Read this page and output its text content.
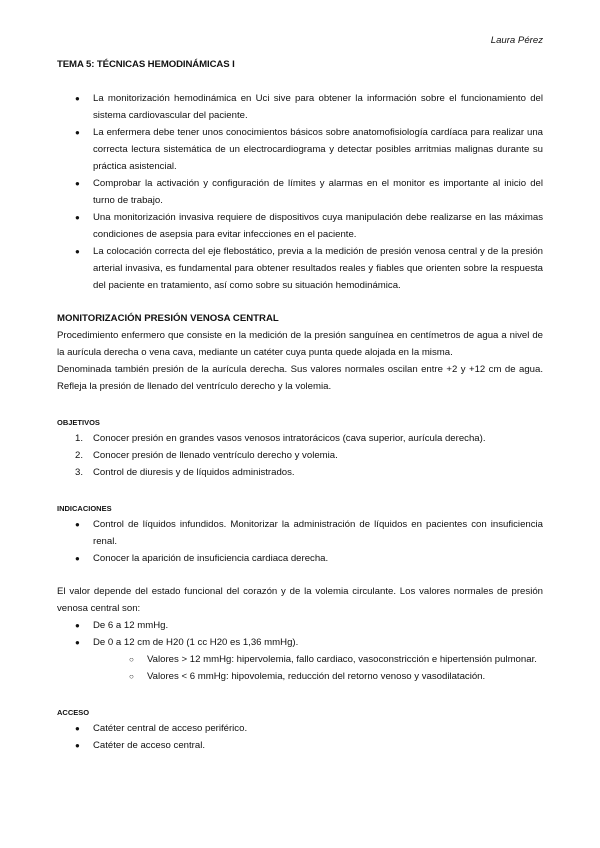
Laura Pérez
TEMA 5: TÉCNICAS HEMODINÁMICAS I
● La monitorización hemodinámica en Uci sive para obtener la información sobre el funcionamiento del sistema cardiovascular del paciente.
● La enfermera debe tener unos conocimientos básicos sobre anatomofisiología cardíaca para realizar una correcta lectura sistemática de un electrocardiograma y detectar posibles arritmias malignas durante su práctica asistencial.
● Comprobar la activación y configuración de límites y alarmas en el monitor es importante al inicio del turno de trabajo.
● Una monitorización invasiva requiere de dispositivos cuya manipulación debe realizarse en las máximas condiciones de asepsia para evitar infecciones en el paciente.
● La colocación correcta del eje flebostático, previa a la medición de presión venosa central y de la presión arterial invasiva, es fundamental para obtener resultados reales y fiables que orienten sobre la respuesta del paciente en tratamiento, así como sobre su situación hemodinámica.
MONITORIZACIÓN PRESIÓN VENOSA CENTRAL

Procedimiento enfermero que consiste en la medición de la presión sanguínea en centímetros de agua a nivel de la aurícula derecha o vena cava, mediante un catéter cuya punta quede alojada en la misma.

Denominada también presión de la aurícula derecha. Sus valores normales oscilan entre +2 y +12 cm de agua. Refleja la presión de llenado del ventrículo derecho y la volemia.

OBJETIVOS
1. Conocer presión en grandes vasos venosos intratorácicos (cava superior, aurícula derecha).
2. Conocer presión de llenado ventrículo derecho y volemia.
3. Control de diuresis y de líquidos administrados.
INDICACIONES
● Control de líquidos infundidos. Monitorizar la administración de líquidos en pacientes con insuficiencia renal.
● Conocer la aparición de insuficiencia cardiaca derecha.

El valor depende del estado funcional del corazón y de la volemia circulante. Los valores normales de presión venosa central son:

● De 6 a 12 mmHg.
● De 0 a 12 cm de H20 (1 cc H20 es 1,36 mmHg).
○ Valores > 12 mmHg: hipervolemia, fallo cardiaco, vasoconstricción e hipertensión pulmonar.
○ Valores < 6 mmHg: hipovolemia, reducción del retorno venoso y vasodilatación.
ACCESO
● Catéter central de acceso periférico.
● Catéter de acceso central.
